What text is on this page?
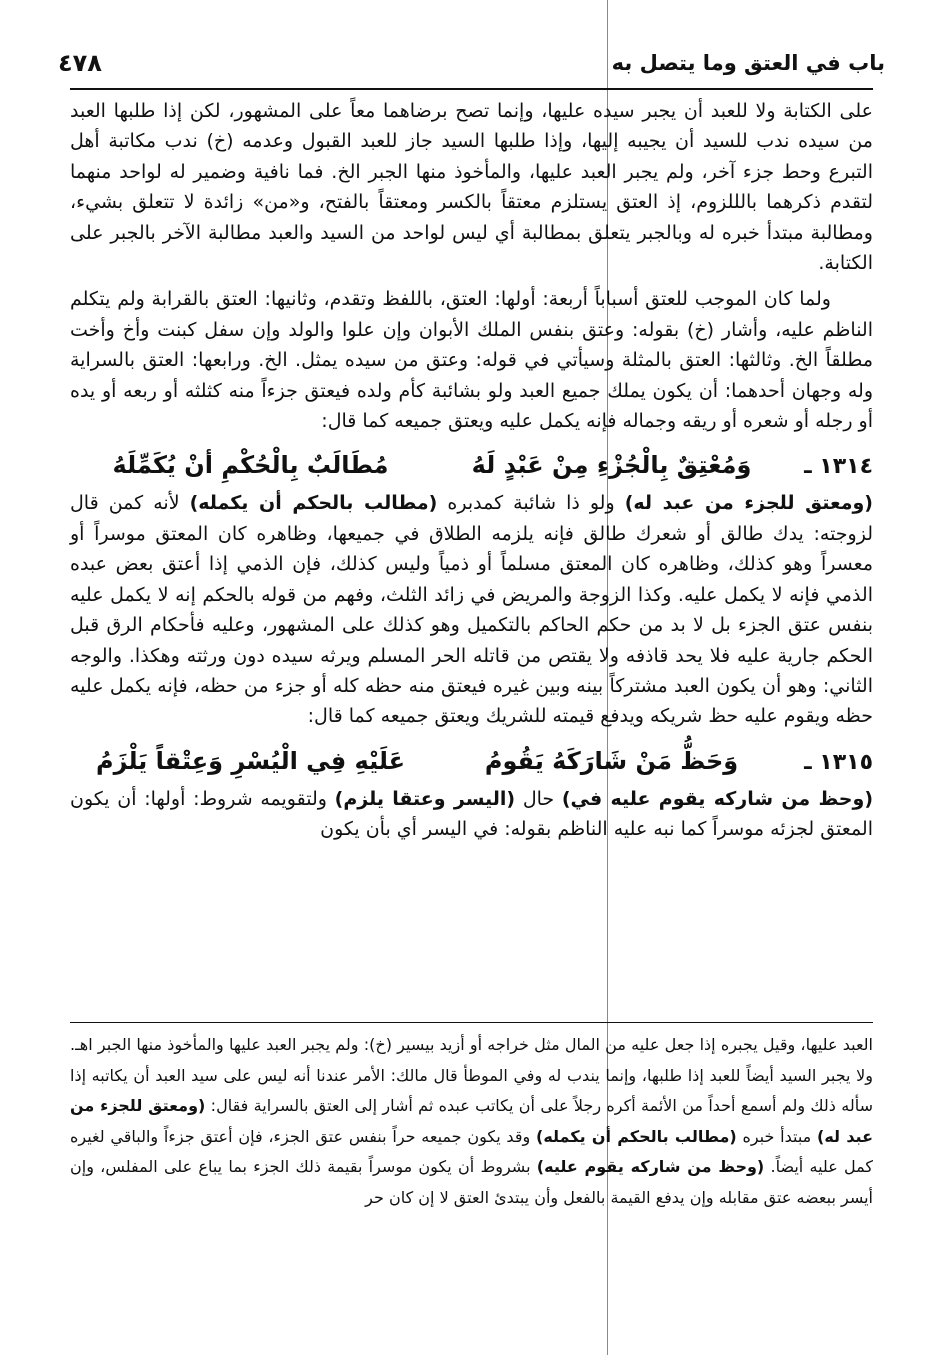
باب في العتق وما يتصل به
٤٧٨

على الكتابة ولا للعبد أن يجبر سيده عليها، وإنما تصح برضاهما معاً على المشهور، لكن إذا طلبها العبد من سيده ندب للسيد أن يجيبه إليها، وإذا طلبها السيد جاز للعبد القبول وعدمه (خ) ندب مكاتبة أهل التبرع وحط جزء آخر، ولم يجبر العبد عليها، والمأخوذ منها الجبر الخ. فما نافية وضمير له لواحد منهما لتقدم ذكرهما بالللزوم، إذ العتق يستلزم معتقاً بالكسر ومعتقاً بالفتح، و«من» زائدة لا تتعلق بشيء، ومطالبة مبتدأ خبره له وبالجبر يتعلق بمطالبة أي ليس لواحد من السيد والعبد مطالبة الآخر بالجبر على الكتابة.

ولما كان الموجب للعتق أسباباً أربعة: أولها: العتق، باللفظ وتقدم، وثانيها: العتق بالقرابة ولم يتكلم الناظم عليه، وأشار (خ) بقوله: وعتق بنفس الملك الأبوان وإن علوا والولد وإن سفل كبنت وأخ وأخت مطلقاً الخ. وثالثها: العتق بالمثلة وسيأتي في قوله: وعتق من سيده يمثل. الخ. ورابعها: العتق بالسراية وله وجهان أحدهما: أن يكون يملك جميع العبد ولو بشائبة كأم ولده فيعتق جزءاً منه كثلثه أو ربعه أو يده أو رجله أو شعره أو ريقه وجماله فإنه يكمل عليه ويعتق جميعه كما قال:

١٣١٤ ـ
وَمُعْتِقٌ بِالْجُزْءِ مِنْ عَبْدٍ لَهُ
مُطَالَبٌ بِالْحُكْمِ أنْ يُكَمِّلَهُ

(ومعتق للجزء من عبد له) ولو ذا شائبة كمدبره (مطالب بالحكم أن يكمله) لأنه كمن قال لزوجته: يدك طالق أو شعرك طالق فإنه يلزمه الطلاق في جميعها، وظاهره كان المعتق موسراً أو معسراً وهو كذلك، وظاهره كان المعتق مسلماً أو ذمياً وليس كذلك، فإن الذمي إذا أعتق بعض عبده الذمي فإنه لا يكمل عليه. وكذا الزوجة والمريض في زائد الثلث، وفهم من قوله بالحكم إنه لا يكمل عليه بنفس عتق الجزء بل لا بد من حكم الحاكم بالتكميل وهو كذلك على المشهور، وعليه فأحكام الرق قبل الحكم جارية عليه فلا يحد قاذفه ولا يقتص من قاتله الحر المسلم ويرثه سيده دون ورثته وهكذا. والوجه الثاني: وهو أن يكون العبد مشتركاً بينه وبين غيره فيعتق منه حظه كله أو جزء من حظه، فإنه يكمل عليه حظه ويقوم عليه حظ شريكه ويدفع قيمته للشريك ويعتق جميعه كما قال:

١٣١٥ ـ
وَحَظُّ مَنْ شَارَكَهُ يَقُومُ
عَلَيْهِ فِي الْيُسْرِ وَعِتْقاً يَلْزَمُ

(وحظ من شاركه يقوم عليه في) حال (اليسر وعتقا يلزم) ولتقويمه شروط: أولها: أن يكون المعتق لجزئه موسراً كما نبه عليه الناظم بقوله: في اليسر أي بأن يكون

العبد عليها، وقيل يجبره إذا جعل عليه من المال مثل خراجه أو أزيد بيسير (خ): ولم يجبر العبد عليها والمأخوذ منها الجبر اهـ. ولا يجبر السيد أيضاً للعبد إذا طلبها، وإنما يندب له وفي الموطأ قال مالك: الأمر عندنا أنه ليس على سيد العبد أن يكاتبه إذا سأله ذلك ولم أسمع أحداً من الأئمة أكره رجلاً على أن يكاتب عبده ثم أشار إلى العتق بالسراية فقال: (ومعتق للجزء من عبد له) مبتدأ خبره (مطالب بالحكم أن يكمله) وقد يكون جميعه حراً بنفس عتق الجزء، فإن أعتق جزءاً والباقي لغيره كمل عليه أيضاً. (وحظ من شاركه يقوم عليه) بشروط أن يكون موسراً بقيمة ذلك الجزء بما يباع على المفلس، وإن أيسر ببعضه عتق مقابله وإن يدفع القيمة بالفعل وأن يبتدئ العتق لا إن كان حر
